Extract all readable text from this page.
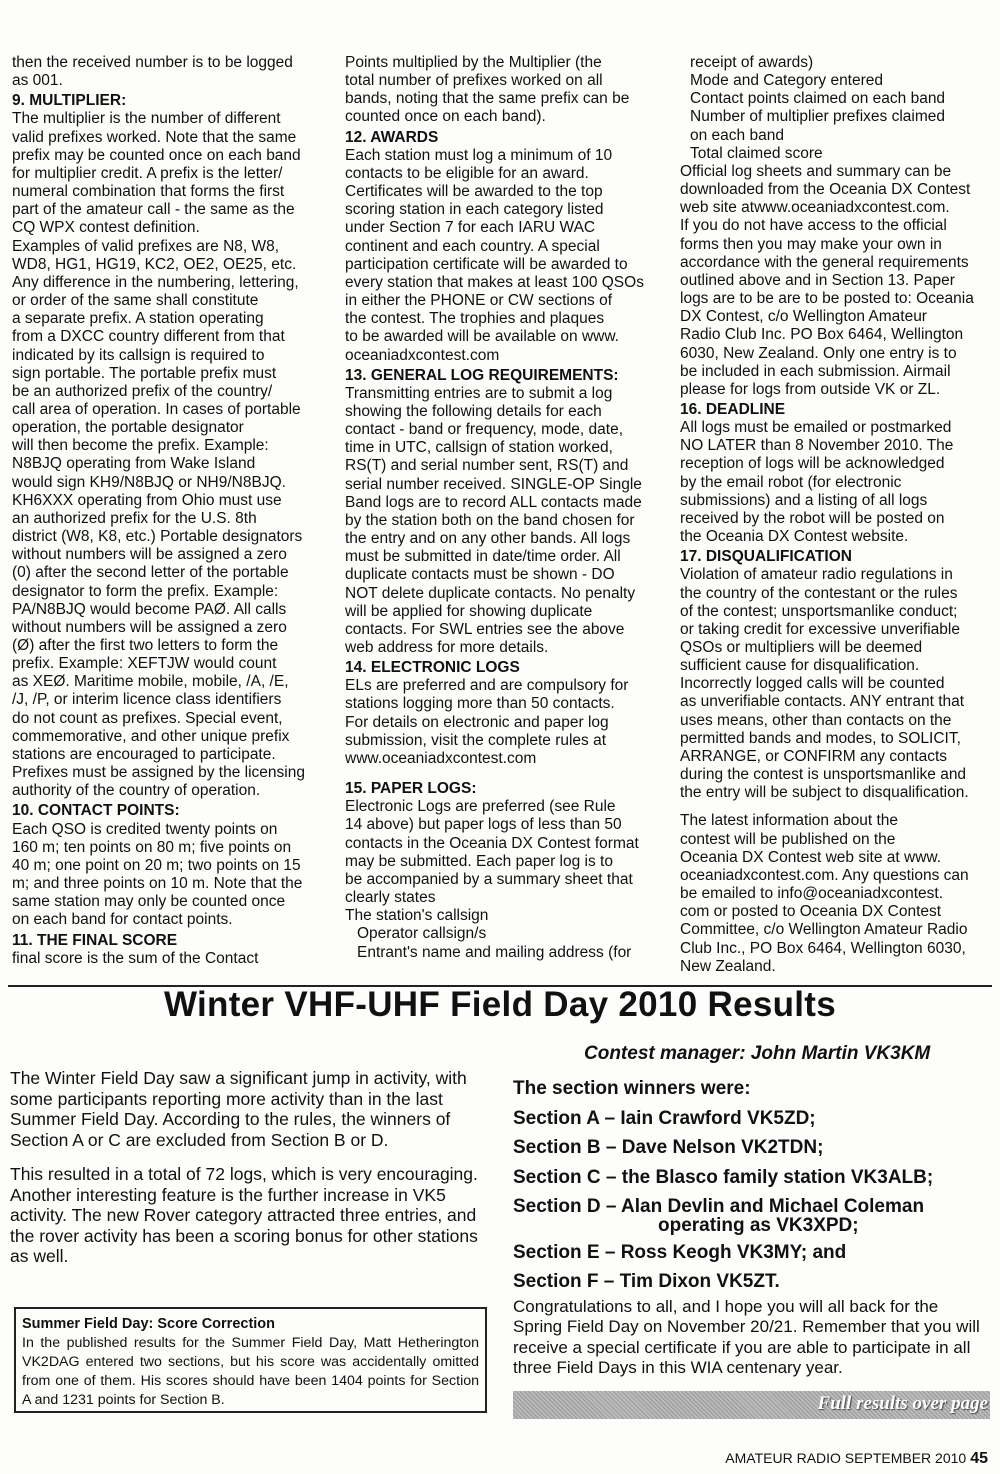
then the received number is to be logged

as 001.

9. MULTIPLIER:

The multiplier is the number of different

valid prefixes worked. Note that the same

prefix may be counted once on each band

for multiplier credit. A prefix is the letter/

numeral combination that forms the first

part of the amateur call - the same as the

CQ WPX contest definition.

Examples of valid prefixes are N8, W8,

WD8, HG1, HG19, KC2, OE2, OE25, etc.

Any difference in the numbering, lettering,

or order of the same shall constitute

a separate prefix. A station operating

from a DXCC country different from that

indicated by its callsign is required to

sign portable. The portable prefix must

be an authorized prefix of the country/

call area of operation. In cases of portable

operation, the portable designator

will then become the prefix. Example:

N8BJQ operating from Wake Island

would sign KH9/N8BJQ or NH9/N8BJQ.

KH6XXX operating from Ohio must use

an authorized prefix for the U.S. 8th

district (W8, K8, etc.) Portable designators

without numbers will be assigned a zero

(0) after the second letter of the portable

designator to form the prefix. Example:

PA/N8BJQ would become PAØ. All calls

without numbers will be assigned a zero

(Ø) after the first two letters to form the

prefix. Example: XEFTJW would count

as XEØ. Maritime mobile, mobile, /A, /E,

/J, /P, or interim licence class identifiers

do not count as prefixes. Special event,

commemorative, and other unique prefix

stations are encouraged to participate.

Prefixes must be assigned by the licensing

authority of the country of operation.

10. CONTACT POINTS:

Each QSO is credited twenty points on

160 m; ten points on 80 m; five points on

40 m; one point on 20 m; two points on 15

m; and three points on 10 m. Note that the

same station may only be counted once

on each band for contact points.

11. THE FINAL SCORE

final score is the sum of the Contact

Points multiplied by the Multiplier (the

total number of prefixes worked on all

bands, noting that the same prefix can be

counted once on each band).

12. AWARDS

Each station must log a minimum of 10

contacts to be eligible for an award.

Certificates will be awarded to the top

scoring station in each category listed

under Section 7 for each IARU WAC

continent and each country. A special

participation certificate will be awarded to

every station that makes at least 100 QSOs

in either the PHONE or CW sections of

the contest. The trophies and plaques

to be awarded will be available on www.

oceaniadxcontest.com

13. GENERAL LOG REQUIREMENTS:

Transmitting entries are to submit a log

showing the following details for each

contact - band or frequency, mode, date,

time in UTC, callsign of station worked,

RS(T) and serial number sent, RS(T) and

serial number received. SINGLE-OP Single

Band logs are to record ALL contacts made

by the station both on the band chosen for

the entry and on any other bands. All logs

must be submitted in date/time order. All

duplicate contacts must be shown - DO

NOT delete duplicate contacts. No penalty

will be applied for showing duplicate

contacts. For SWL entries see the above

web address for more details.

14. ELECTRONIC LOGS

ELs are preferred and are compulsory for

stations logging more than 50 contacts.

For details on electronic and paper log

submission, visit the complete rules at

www.oceaniadxcontest.com

15. PAPER LOGS:

Electronic Logs are preferred (see Rule

14 above) but paper logs of less than 50

contacts in the Oceania DX Contest format

may be submitted. Each paper log is to

be accompanied by a summary sheet that

clearly states

The station's callsign

Operator callsign/s

Entrant's name and mailing address (for

receipt of awards)

Mode and Category entered

Contact points claimed on each band

Number of multiplier prefixes claimed

on each band

Total claimed score

Official log sheets and summary can be

downloaded from the Oceania DX Contest

web site atwww.oceaniadxcontest.com.

If you do not have access to the official

forms then you may make your own in

accordance with the general requirements

outlined above and in Section 13. Paper

logs are to be are to be posted to: Oceania

DX Contest, c/o Wellington Amateur

Radio Club Inc. PO Box 6464, Wellington

6030, New Zealand. Only one entry is to

be included in each submission. Airmail

please for logs from outside VK or ZL.

16. DEADLINE

All logs must be emailed or postmarked

NO LATER than 8 November 2010. The

reception of logs will be acknowledged

by the email robot (for electronic

submissions) and a listing of all logs

received by the robot will be posted on

the Oceania DX Contest website.

17. DISQUALIFICATION

Violation of amateur radio regulations in

the country of the contestant or the rules

of the contest; unsportsmanlike conduct;

or taking credit for excessive unverifiable

QSOs or multipliers will be deemed

sufficient cause for disqualification.

Incorrectly logged calls will be counted

as unverifiable contacts. ANY entrant that

uses means, other than contacts on the

permitted bands and modes, to SOLICIT,

ARRANGE, or CONFIRM any contacts

during the contest is unsportsmanlike and

the entry will be subject to disqualification.

The latest information about the

contest will be published on the

Oceania DX Contest web site at www.

oceaniadxcontest.com. Any questions can

be emailed to info@oceaniadxcontest.

com or posted to Oceania DX Contest

Committee, c/o Wellington Amateur Radio

Club Inc., PO Box 6464, Wellington 6030,

New Zealand.

Winter VHF-UHF Field Day 2010 Results
Contest manager: John Martin VK3KM

The Winter Field Day saw a significant jump in activity, with some participants reporting more activity than in the last Summer Field Day. According to the rules, the winners of Section A or C are excluded from Section B or D.

This resulted in a total of 72 logs, which is very encouraging. Another interesting feature is the further increase in VK5 activity. The new Rover category attracted three entries, and the rover activity has been a scoring bonus for other stations as well.

The section winners were:
Section A – Iain Crawford VK5ZD;
Section B – Dave Nelson VK2TDN;
Section C – the Blasco family station VK3ALB;
Section D – Alan Devlin and Michael Coleman
operating as VK3XPD;
Section E – Ross Keogh VK3MY; and
Section F – Tim Dixon VK5ZT.
Congratulations to all, and I hope you will all back for the Spring Field Day on November 20/21. Remember that you will receive a special certificate if you are able to participate in all three Field Days in this WIA centenary year.
Summer Field Day: Score Correction
In the published results for the Summer Field Day, Matt Hetherington VK2DAG entered two sections, but his score was accidentally omitted from one of them. His scores should have been 1404 points for Section A and 1231 points for Section B.	Full results over page
AMATEUR RADIO SEPTEMBER 2010 45
